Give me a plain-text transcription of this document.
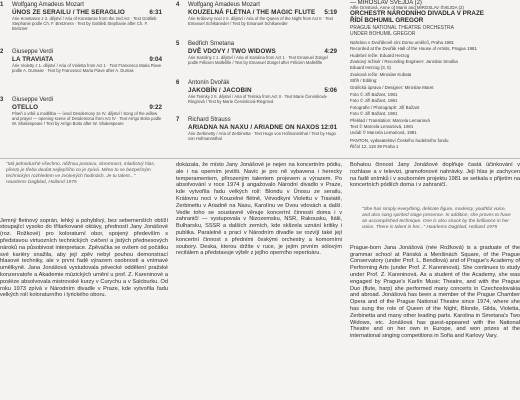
1 Wolfgang Amadeus Mozart
ÚNOS ZE SERAILU / THE SERAGLIO	6:31
Árie Konstance z 2. dějství / Aria of Konstanze from the 2nd Act · Text Gottlieb Stephanie podle Ch. F. Bretznera · Text by Gottlieb Stephanie after Ch. F. Bretzner
2 Giuseppe Verdi
LA TRAVIATA	9:04
Árie Violetty z 1. dějství / Aria of Violetta from Act 1 · Text Francesco Maria Piave podle A. Dumase · Text by Francesco Maria Piave after A. Dumas
3 Giuseppe Verdi
OTELLO	9:22
Píseň o vrbě a modlitba — úvod Desdemony ze IV. dějství / Song of the willow and prayer — opening scene of Desdemona from Act IV · Text Arrigo Boito podle W. Shakespeare / Text by Arrigo Boito after W. Shakespeare
4 Wolfgang Amadeus Mozart
KOUZELNÁ FLÉTNA / THE MAGIC FLUTE 5:19
Árie Královny noci z II. dějství / Aria of the Queen of the Night from Act II · Text Emanuel Schikaneder / Text by Emanuel Schikaneder
5 Bedřich Smetana
DVĚ VDOVY / TWO WIDOWS	4:29
Árie Karoliny z 1. dějství / Aria of Karolina from Act 1 · Text Emanuel Züngel podle Félicien Mallefille / Text by Emanuel Züngel after Félicien Mallefille
6 Antonín Dvořák
JAKOBÍN / JACOBIN	5:06
Árie Terinky z II. dějství / Aria of Terinka from Act II · Text Marie Červinková-Riegrová / Text by Marie Červinková-Riegrová
7 Richard Strauss
ARIADNA NA NAXU / ARIADNE ON NAXOS 12:01
Árie Zerbinetty / Aria of Zerbinetta · Text Hugo von Hofmannsthal / Text by Hugo von Hofmannsthal
— MIROSLAV ŠVEJDA (2)
Alfie Ornstová, Anne of Marin and MIROSLAV ŠVEJDA (2)
ORCHESTR NÁRODNÍHO DIVADLA V PRAZE
ŘÍDÍ BOHUMIL GREGOR
PRAGUE NATIONAL THEATRE ORCHESTRA
UNDER BOHUMIL GREGOR
Nahráno v Dvořákově síni Domu umělců, Praha 1981
Recorded at the Dvořák Hall of the House of Artists, Prague 1981
Hudební režie: Eduard Herzog
Zvukový režisér / Recording Engineer: Jaroslav Smolka
Eduard Herzog (3, 5)
Zvuková režie: Miroslav Kubata
Střih / Editing:
Grafická úprava / Designer: Miroslav Maret
Foto © Jiří Bažant, 1981
Foto © Jiří Bažant, 1981
Fotografie / Photograph: Jiří Bažant
Foto © Jiří Bažant, 1981
Překlad / Translation: Marcela Lemariová
Text © Marcela Lemariová, 1981
Uvádí © Marcela Lemariová, 1981
PANTON, vydavatelství Českého hudebního fondu
Říční 12, 118 39 Praha 1
"Má jednoduché všechno, něžnou postavu, skromnost, mladistvý hlas, přesto je třeba doufat nejlepšího co je zpívá. Mimo to se bezpečným technickým rozhledem ve zvolených hodinách. Je tu talent..." Haarlems Dagblad, Holland 1975

Jemný fletnový soprán, lehký a pohyblivý, bez sebemenších obtíží stoupající vysoko do třítarkované oktávy, předností Jany Jonášové (roz. Rožkové) pro koloraturní obor, spojený především s představou virtuozních technických cvičení a jistých přednesových nároků na působivost interpretace. Zpěvačka se ovšem od počátku své kariéry snažila, aby její zpěv nebyl pouhou demonstrací hlasové techniky, ale v první řadě výrazem osobnosti a vnímavé umělkyně. Jana Jonášová vystudovala pěvecké oddělení pražské konzervatoře a Akademie múzických umění u prof. Z. Kareninové a posléze absolvovala mistrovské kurzy v Curychu a v Salcburku. Od roku 1973 zpívá v Národním divadle v Praze, kde vytvořila řadu velkých rolí koloraturního i lyrického oboru.

dokázala, že místo Jany Jonášové je nejen na koncertním pódiu, ale i na operním jevišti. Navíc je pro ně vybavena i herecky temperamentem, přirozeným talentem projevem a výrazem. Po absolvování v roce 1974 ji angažovalo Národní divadlo v Praze, kde vytvořila řadu velkých rolí: Blondu v Únosu ze serailu, Královnu noci v Kouzelné flétně, Vévodkyni Violettu v Traviatě, Zerbinettu v Ariadně na Naxu, Karolínu ve Dvou vdovách a další. Vedle toho se soustavně věnuje koncertní činnosti doma i v zahraničí — vystupovala v Nizozemsku, NSR, Rakousku, Itálii, Bulharsku, SSSR a dalších zemích, kde sklízela uznání kritiky i publika. Paralelně s prací v Národním divadle se rozvíjí také její koncertní činnost s předními českými orchestry a komorními soubory. Deska, kterou držíte v ruce, je jejím prvním sólovým recitálem a představuje výběr z jejího operního repertoáru.

Bohatou činnost Jany Jonášové doplňuje častá účinkování v rozhlase a v televizi, gramofonové nahrávky. Její hlas je zachycen na řadě snímků i v souborném projektu 1981 se setkala s přijetím na koncertních pódiích doma i v zahraničí.

"She has simply everything, delicate figure, modesty, youthful voice, and also sang spirited stage presence. In addition, she proves to have an accomplished technique. One is also struck by the brilliance in her voice. There is talent in her..." Haarlems Dagblad, Holland 1975

Prague-born Jana Jonášová (née Rožková) is a graduate of the grammar school at Pánská a Menšinách Square, of the Prague Conservatory (under Prof. L. Bendlová) and of Prague's Academy of Performing Arts (under Prof. Z. Kareninová). She continues to study under Prof. Z. Kareninová. As a student of the Academy, she was engaged by Prague's Karlín Music Theatre, and with the Prague Duo (flute, harp) she performed many concerts in Czechoslovakia and abroad. Jonášová has been a member of the Prague Chamber Opera and of the Prague National Theatre since 1974, where she has sung the role of Queen of the Night, Blonde, Gilda, Violetta, Zerbinetta and many other leading parts. Karolina in Smetana's Two Widows, etc. Jonášová has guest-appeared with the National Theatre and on her own in Europe, and won prizes at the international singing competitions in Sofia and Karlovy Vary.
